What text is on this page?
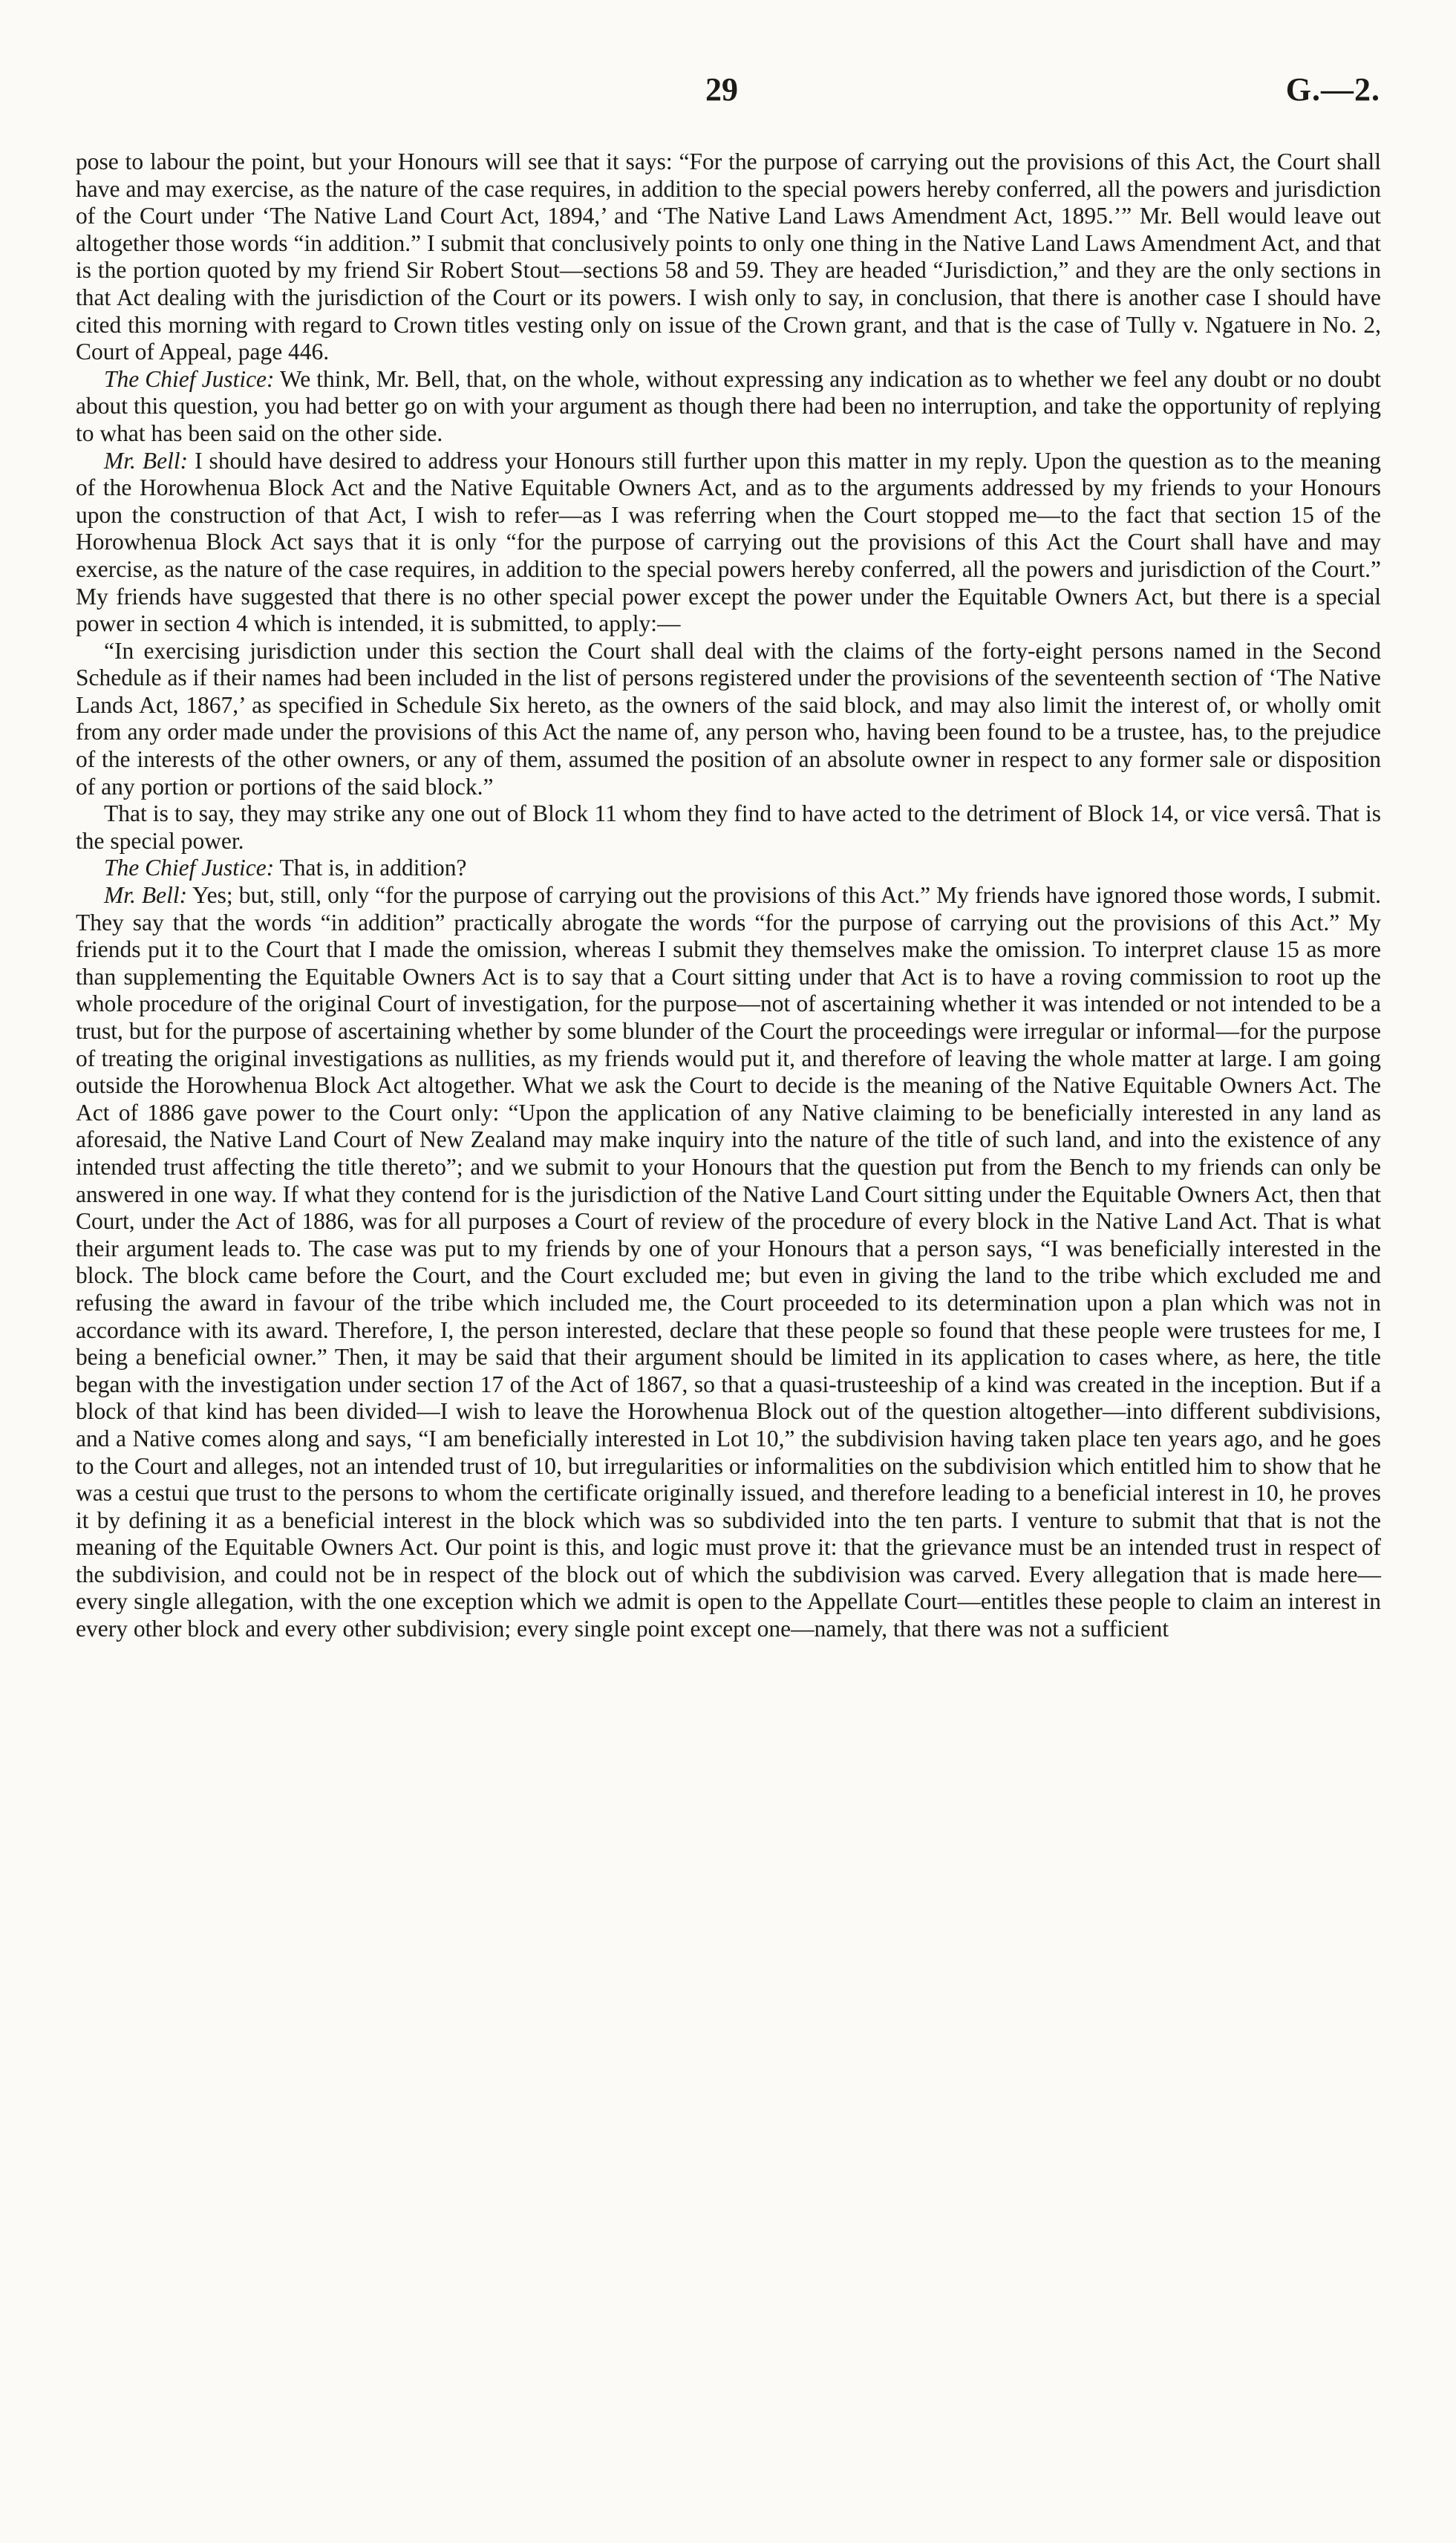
29	G.—2.

pose to labour the point, but your Honours will see that it says: “For the purpose of carrying out the provisions of this Act, the Court shall have and may exercise, as the nature of the case requires, in addition to the special powers hereby conferred, all the powers and jurisdiction of the Court under ‘The Native Land Court Act, 1894,’ and ‘The Native Land Laws Amendment Act, 1895.’” Mr. Bell would leave out altogether those words “in addition.” I submit that conclusively points to only one thing in the Native Land Laws Amendment Act, and that is the portion quoted by my friend Sir Robert Stout—sections 58 and 59. They are headed “Jurisdiction,” and they are the only sections in that Act dealing with the jurisdiction of the Court or its powers. I wish only to say, in conclusion, that there is another case I should have cited this morning with regard to Crown titles vesting only on issue of the Crown grant, and that is the case of Tully v. Ngatuere in No. 2, Court of Appeal, page 446.

The Chief Justice: We think, Mr. Bell, that, on the whole, without expressing any indication as to whether we feel any doubt or no doubt about this question, you had better go on with your argument as though there had been no interruption, and take the opportunity of replying to what has been said on the other side.

Mr. Bell: I should have desired to address your Honours still further upon this matter in my reply. Upon the question as to the meaning of the Horowhenua Block Act and the Native Equitable Owners Act, and as to the arguments addressed by my friends to your Honours upon the construction of that Act, I wish to refer—as I was referring when the Court stopped me—to the fact that section 15 of the Horowhenua Block Act says that it is only “for the purpose of carrying out the provisions of this Act the Court shall have and may exercise, as the nature of the case requires, in addition to the special powers hereby conferred, all the powers and jurisdiction of the Court.” My friends have suggested that there is no other special power except the power under the Equitable Owners Act, but there is a special power in section 4 which is intended, it is submitted, to apply:—

“In exercising jurisdiction under this section the Court shall deal with the claims of the forty-eight persons named in the Second Schedule as if their names had been included in the list of persons registered under the provisions of the seventeenth section of ‘The Native Lands Act, 1867,’ as specified in Schedule Six hereto, as the owners of the said block, and may also limit the interest of, or wholly omit from any order made under the provisions of this Act the name of, any person who, having been found to be a trustee, has, to the prejudice of the interests of the other owners, or any of them, assumed the position of an absolute owner in respect to any former sale or disposition of any portion or portions of the said block.”

That is to say, they may strike any one out of Block 11 whom they find to have acted to the detriment of Block 14, or vice versâ. That is the special power.

The Chief Justice: That is, in addition?

Mr. Bell: Yes; but, still, only “for the purpose of carrying out the provisions of this Act.” My friends have ignored those words, I submit. They say that the words “in addition” practically abrogate the words “for the purpose of carrying out the provisions of this Act.” My friends put it to the Court that I made the omission, whereas I submit they themselves make the omission. To interpret clause 15 as more than supplementing the Equitable Owners Act is to say that a Court sitting under that Act is to have a roving commission to root up the whole procedure of the original Court of investigation, for the purpose—not of ascertaining whether it was intended or not intended to be a trust, but for the purpose of ascertaining whether by some blunder of the Court the proceedings were irregular or informal—for the purpose of treating the original investigations as nullities, as my friends would put it, and therefore of leaving the whole matter at large. I am going outside the Horowhenua Block Act altogether. What we ask the Court to decide is the meaning of the Native Equitable Owners Act. The Act of 1886 gave power to the Court only: “Upon the application of any Native claiming to be beneficially interested in any land as aforesaid, the Native Land Court of New Zealand may make inquiry into the nature of the title of such land, and into the existence of any intended trust affecting the title thereto”; and we submit to your Honours that the question put from the Bench to my friends can only be answered in one way. If what they contend for is the jurisdiction of the Native Land Court sitting under the Equitable Owners Act, then that Court, under the Act of 1886, was for all purposes a Court of review of the procedure of every block in the Native Land Act. That is what their argument leads to. The case was put to my friends by one of your Honours that a person says, “I was beneficially interested in the block. The block came before the Court, and the Court excluded me; but even in giving the land to the tribe which excluded me and refusing the award in favour of the tribe which included me, the Court proceeded to its determination upon a plan which was not in accordance with its award. Therefore, I, the person interested, declare that these people so found that these people were trustees for me, I being a beneficial owner.” Then, it may be said that their argument should be limited in its application to cases where, as here, the title began with the investigation under section 17 of the Act of 1867, so that a quasi-trusteeship of a kind was created in the inception. But if a block of that kind has been divided—I wish to leave the Horowhenua Block out of the question altogether—into different subdivisions, and a Native comes along and says, “I am beneficially interested in Lot 10,” the subdivision having taken place ten years ago, and he goes to the Court and alleges, not an intended trust of 10, but irregularities or informalities on the subdivision which entitled him to show that he was a cestui que trust to the persons to whom the certificate originally issued, and therefore leading to a beneficial interest in 10, he proves it by defining it as a beneficial interest in the block which was so subdivided into the ten parts. I venture to submit that that is not the meaning of the Equitable Owners Act. Our point is this, and logic must prove it: that the grievance must be an intended trust in respect of the subdivision, and could not be in respect of the block out of which the subdivision was carved. Every allegation that is made here—every single allegation, with the one exception which we admit is open to the Appellate Court—entitles these people to claim an interest in every other block and every other subdivision; every single point except one—namely, that there was not a sufficient
